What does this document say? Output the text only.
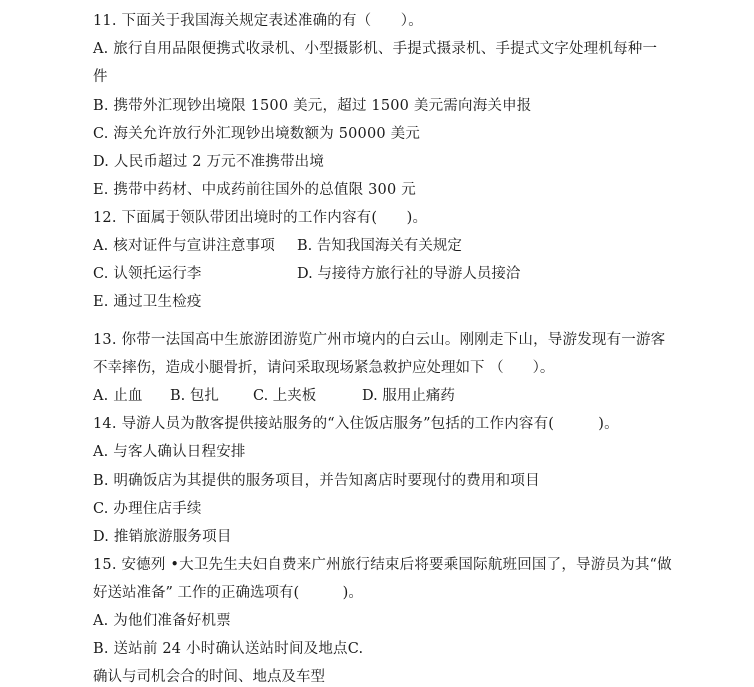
11. 下面关于我国海关规定表述准确的有（　　）。
A. 旅行自用品限便携式收录机、小型摄影机、手提式摄录机、手提式文字处理机每种一
件
B. 携带外汇现钞出境限 1500 美元，超过 1500 美元需向海关申报
C. 海关允许放行外汇现钞出境数额为 50000 美元
D. 人民币超过 2 万元不准携带出境
E. 携带中药材、中成药前往国外的总值限 300 元
12. 下面属于领队带团出境时的工作内容有(　　)。
A. 核对证件与宣讲注意事项 B. 告知我国海关有关规定
C. 认领托运行李	D. 与接待方旅行社的导游人员接洽
E. 通过卫生检疫
13. 你带一法国高中生旅游团游览广州市境内的白云山。刚刚走下山，导游发现有一游客
不幸摔伤，造成小腿骨折，请问采取现场紧急救护应处理如下 （　　）。
A. 止血 B. 包扎 C. 上夹板	D. 服用止痛药
14. 导游人员为散客提供接站服务的“入住饭店服务”包括的工作内容有(　　　)。
A. 与客人确认日程安排
B. 明确饭店为其提供的服务项目，并告知离店时要现付的费用和项目
C. 办理住店手续
D. 推销旅游服务项目
15. 安德列 •大卫先生夫妇自费来广州旅行结束后将要乘国际航班回国了，导游员为其“做
好送站准备” 工作的正确选项有(　　　)。
A. 为他们准备好机票
B. 送站前 24 小时确认送站时间及地点C.
确认与司机会合的时间、地点及车型
